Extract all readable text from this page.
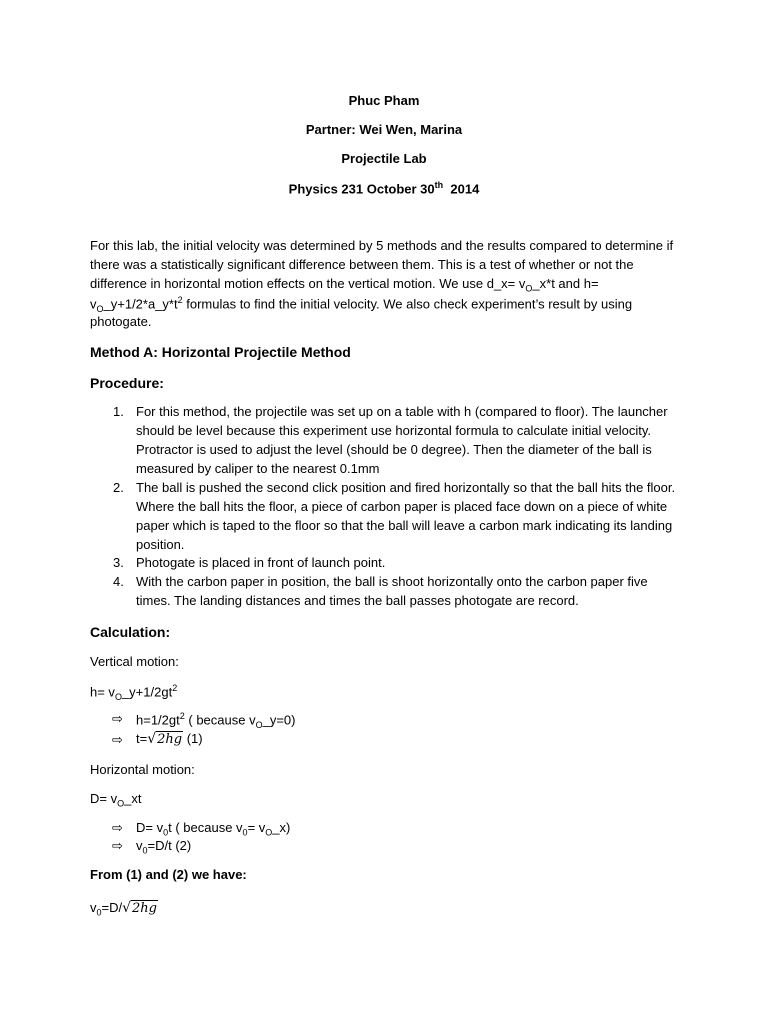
Phuc Pham
Partner: Wei Wen, Marina
Projectile Lab
Physics 231 October 30th 2014
For this lab, the initial velocity was determined by 5 methods and the results compared to determine if
there was a statistically significant difference between them. This is a test of whether or not the
difference in horizontal motion effects on the vertical motion. We use d_x= $v_O\_x*t$ and h=
$v_O\_y+1/2*a\_y*t^2$ formulas to find the initial velocity. We also check experiment’s result by using
photogate.
Method A: Horizontal Projectile Method
Procedure:
1. For this method, the projectile was set up on a table with h (compared to floor). The launcher
should be level because this experiment use horizontal formula to calculate initial velocity.
Protractor is used to adjust the level (should be 0 degree). Then the diameter of the ball is
measured by caliper to the nearest 0.1mm
2. The ball is pushed the second click position and fired horizontally so that the ball hits the floor.
Where the ball hits the floor, a piece of carbon paper is placed face down on a piece of white
paper which is taped to the floor so that the ball will leave a carbon mark indicating its landing
position.
3. Photogate is placed in front of launch point.
4. With the carbon paper in position, the ball is shoot horizontally onto the carbon paper five
times. The landing distances and times the ball passes photogate are record.
Calculation:
Vertical motion:
$h= v_O\_y+1/2gt^2$
⇨ $h=1/2gt^2$ ( because $v_O\_y=0$)
⇨ t=√2hg (1)
Horizontal motion:
$D= v_O\_xt$
⇨ $D= v_0t$ ( because $v_0=$ $v_O\_x$)
⇨ $v_0=D/t$ (2)
From (1) and (2) we have:
$v_0=D/√2hg$
